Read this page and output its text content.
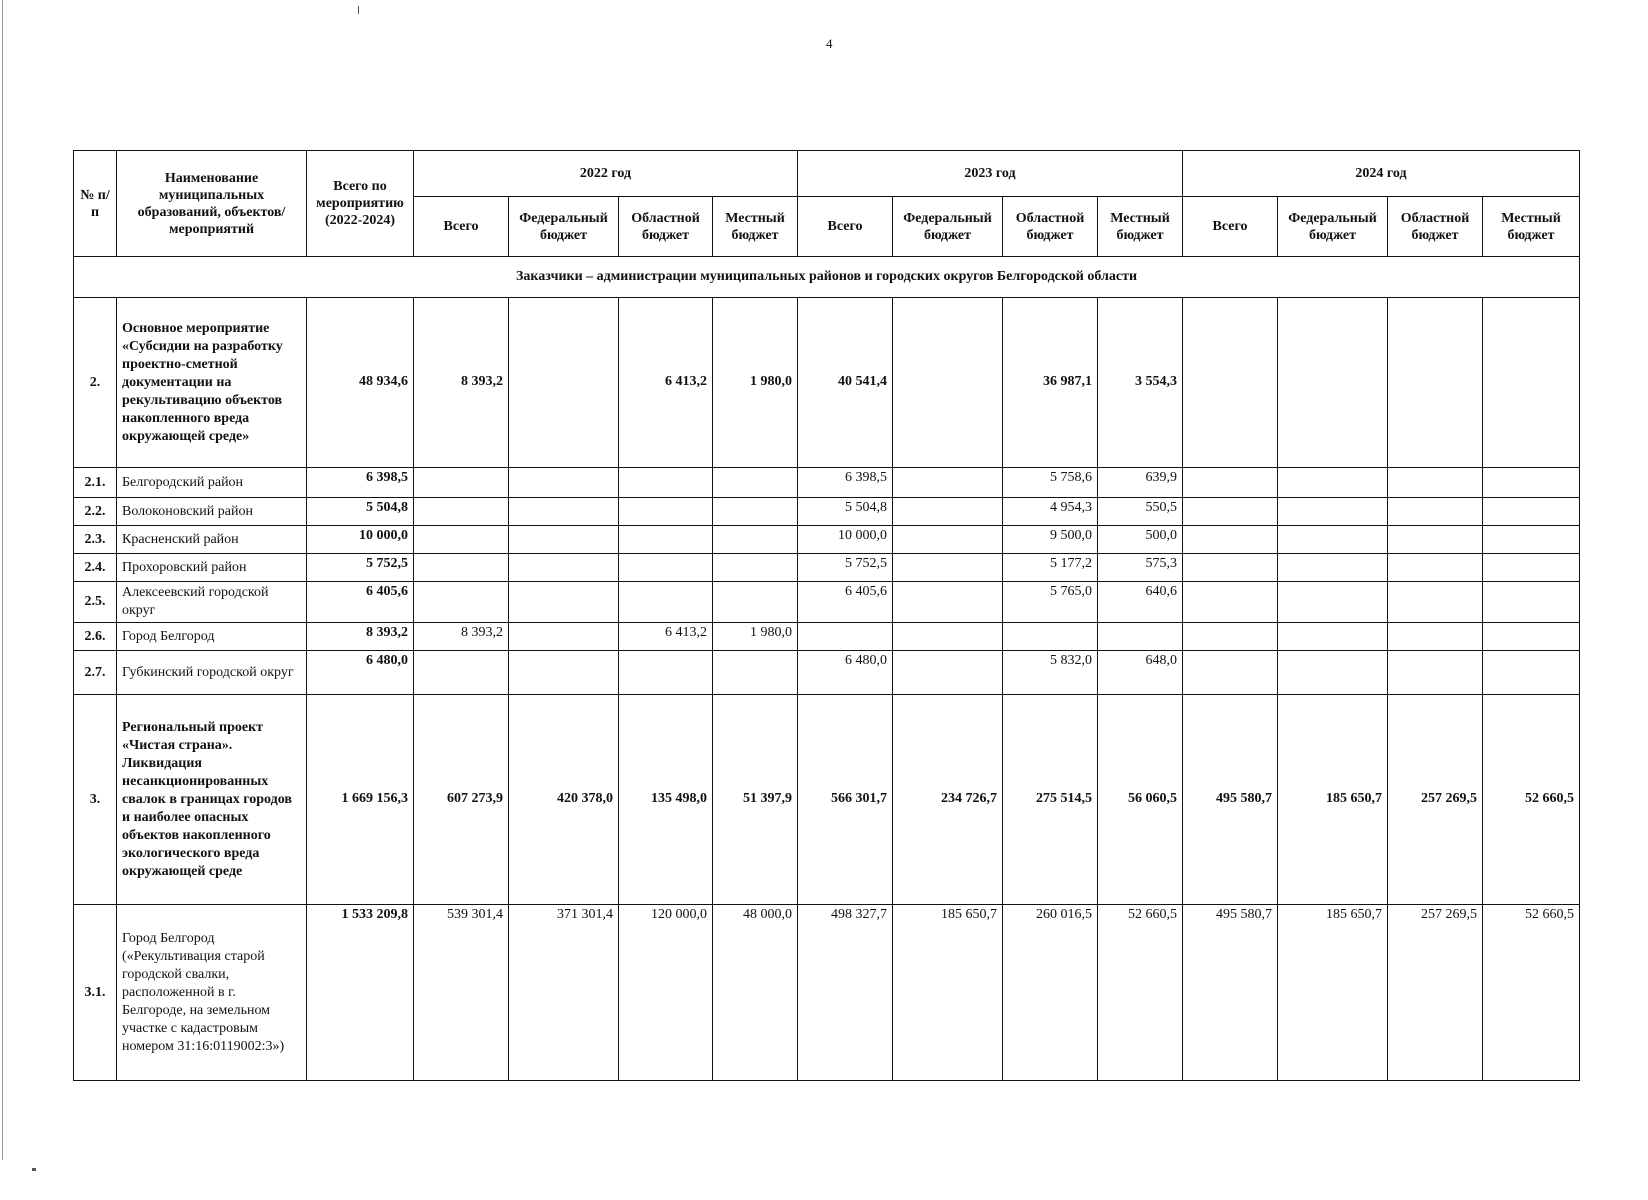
4
№ п/п	Наименование муниципальных образований, объектов/мероприятий	Всего по мероприятию (2022-2024)	2022 год				2023 год				2024 год			
			Всего	Федеральный бюджет	Областной бюджет	Местный бюджет	Всего	Федеральный бюджет	Областной бюджет	Местный бюджет	Всего	Федеральный бюджет	Областной бюджет	Местный бюджет
Заказчики – администрации муниципальных районов и городских округов Белгородской области														
2.	Основное мероприятие «Субсидии на разработку проектно-сметной документации на рекультивацию объектов накопленного вреда окружающей среде»	48 934,6	8 393,2		6 413,2	1 980,0	40 541,4		36 987,1	3 554,3				
2.1.	Белгородский район	6 398,5					6 398,5		5 758,6	639,9				
2.2.	Волоконовский район	5 504,8					5 504,8		4 954,3	550,5				
2.3.	Красненский район	10 000,0					10 000,0		9 500,0	500,0				
2.4.	Прохоровский район	5 752,5					5 752,5		5 177,2	575,3				
2.5.	Алексеевский городской округ	6 405,6					6 405,6		5 765,0	640,6				
2.6.	Город Белгород	8 393,2	8 393,2		6 413,2	1 980,0								
2.7.	Губкинский городской округ	6 480,0					6 480,0		5 832,0	648,0				
3.	Региональный проект «Чистая страна». Ликвидация несанкционированных свалок в границах городов и наиболее опасных объектов накопленного экологического вреда окружающей среде	1 669 156,3	607 273,9	420 378,0	135 498,0	51 397,9	566 301,7	234 726,7	275 514,5	56 060,5	495 580,7	185 650,7	257 269,5	52 660,5
3.1.	Город Белгород («Рекультивация старой городской свалки, расположенной в г. Белгороде, на земельном участке с кадастровым номером 31:16:0119002:3»)	1 533 209,8	539 301,4	371 301,4	120 000,0	48 000,0	498 327,7	185 650,7	260 016,5	52 660,5	495 580,7	185 650,7	257 269,5	52 660,5
